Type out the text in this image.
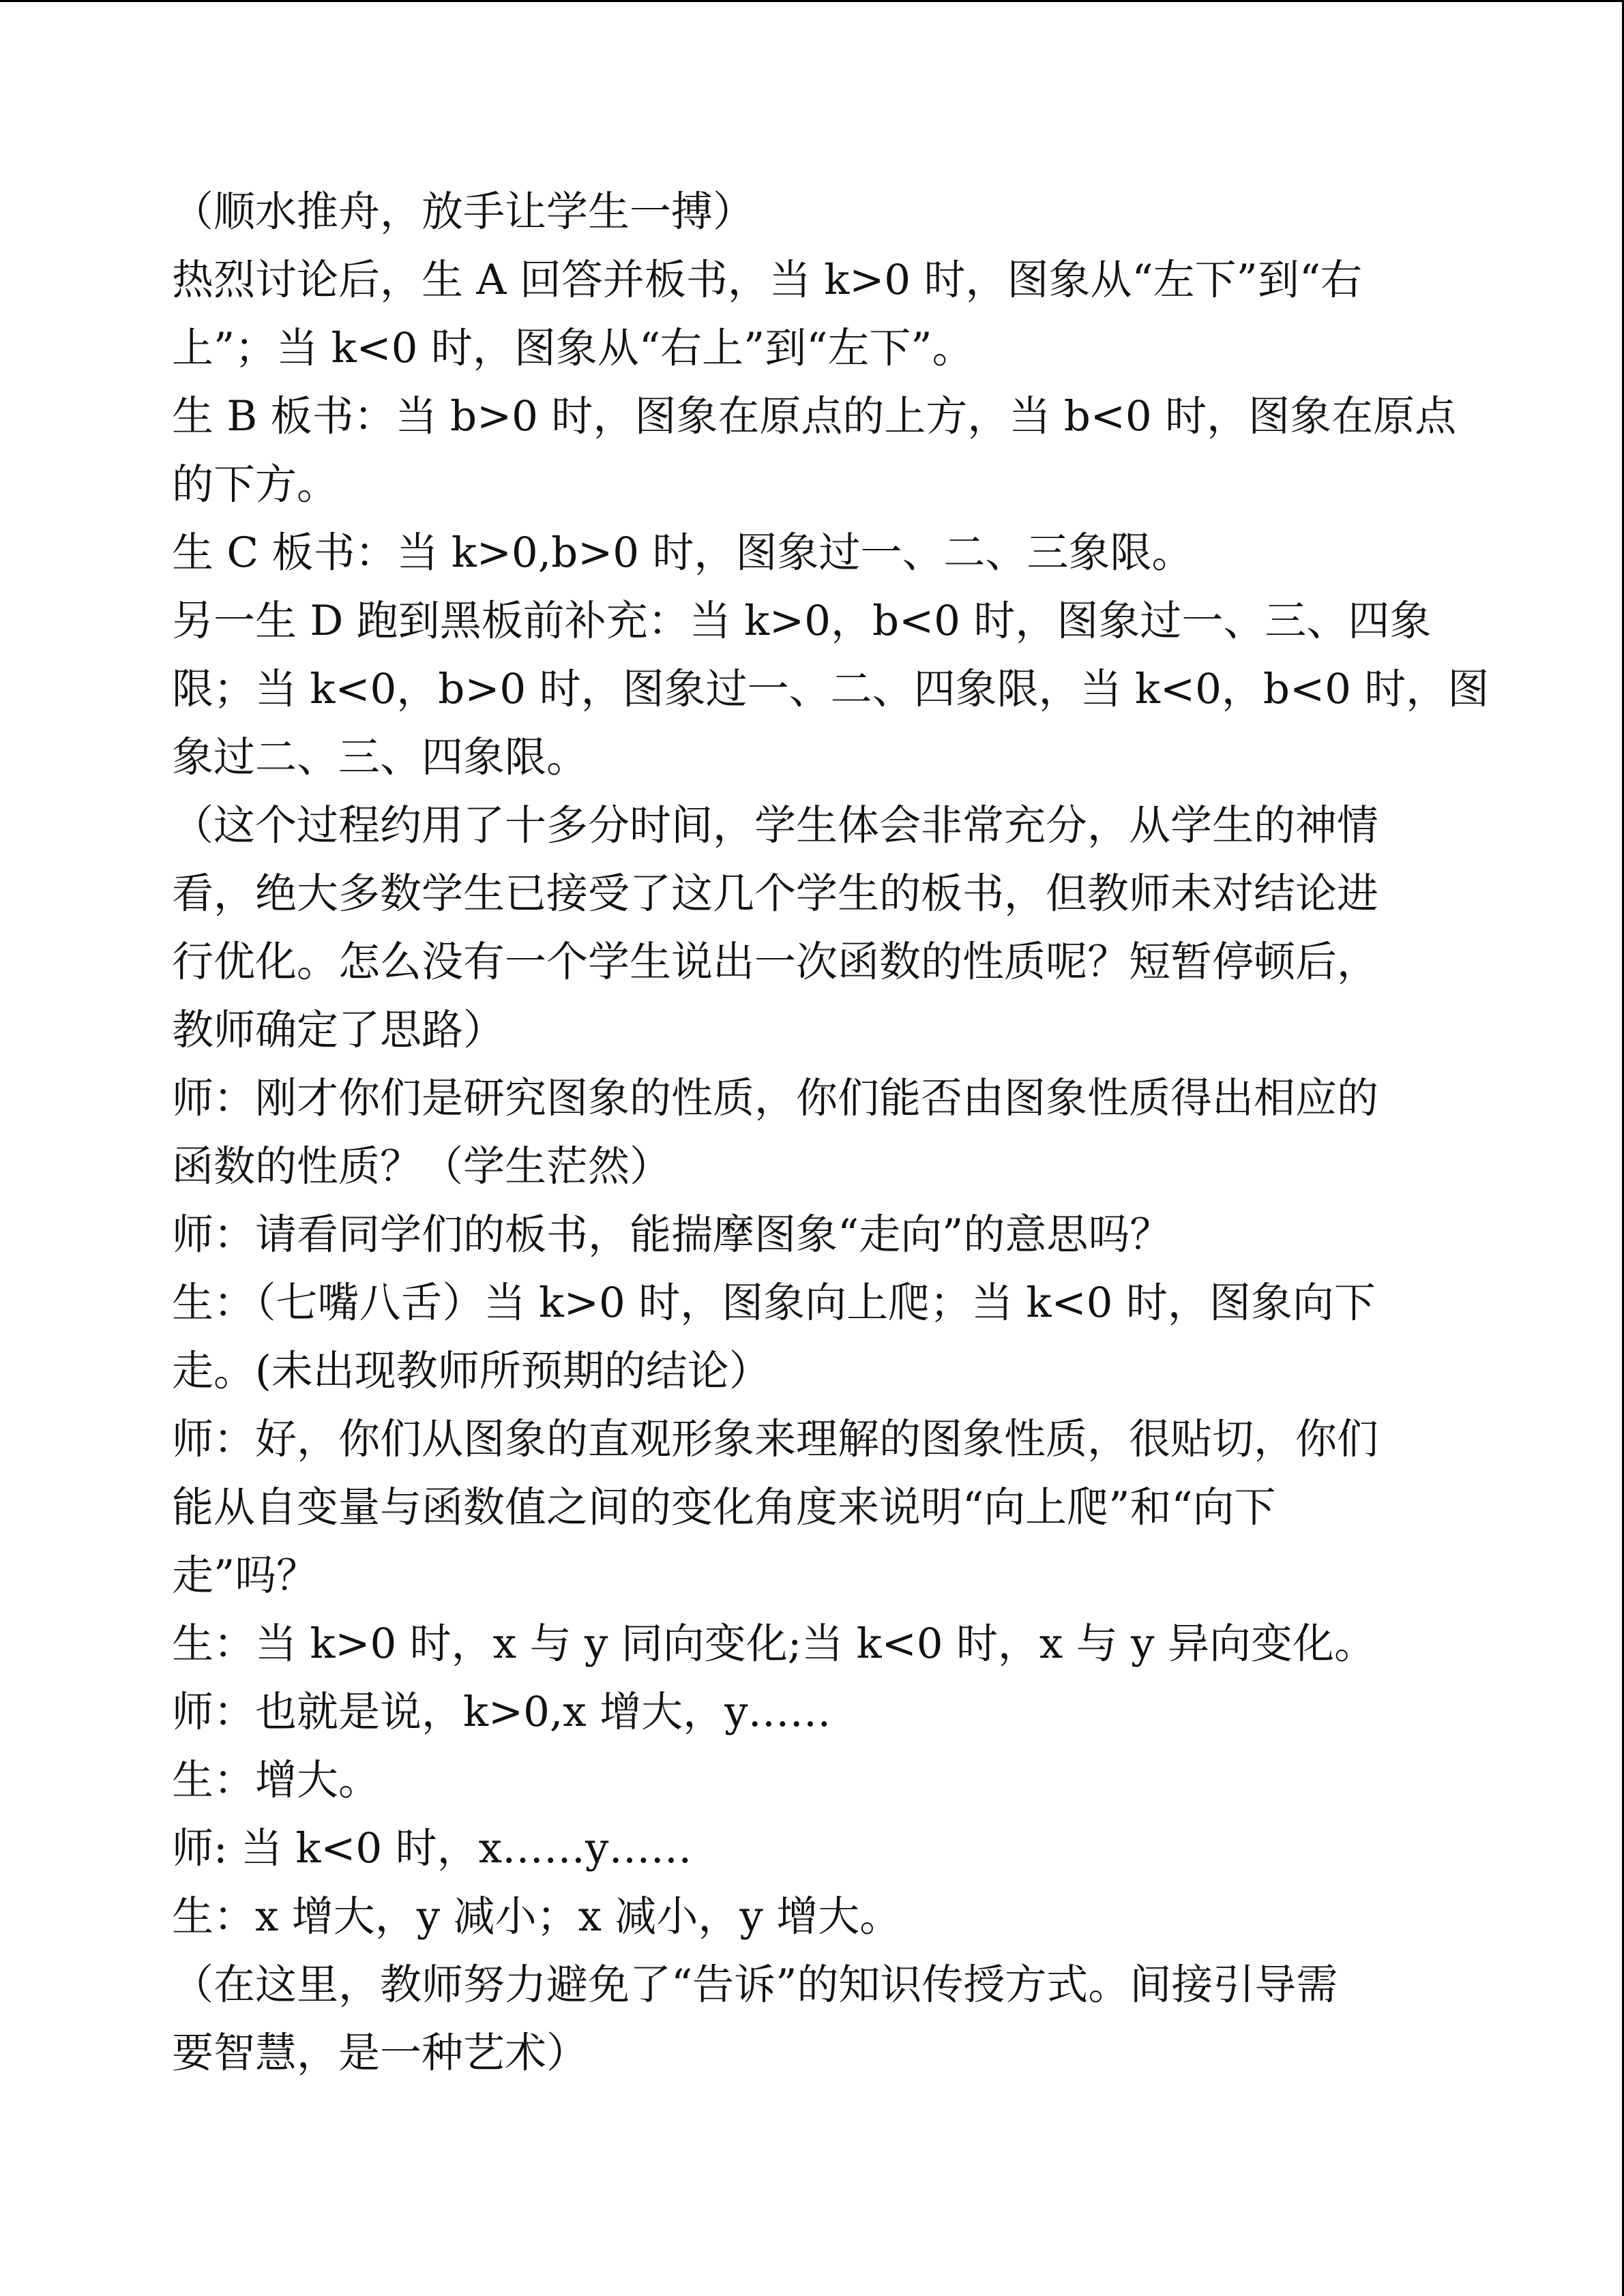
（顺水推舟，放手让学生一搏）
热烈讨论后，生 A 回答并板书，当 k>0 时，图象从“左下”到“右
上”；当 k<0 时，图象从“右上”到“左下”。
生 B 板书：当 b>0 时，图象在原点的上方，当 b<0 时，图象在原点
的下方。
生 C 板书：当 k>0,b>0 时，图象过一、二、三象限。
另一生 D 跑到黑板前补充：当 k>0，b<0 时，图象过一、三、四象
限；当 k<0，b>0 时，图象过一、二、四象限，当 k<0，b<0 时，图
象过二、三、四象限。
（这个过程约用了十多分时间，学生体会非常充分，从学生的神情
看，绝大多数学生已接受了这几个学生的板书，但教师未对结论进
行优化。怎么没有一个学生说出一次函数的性质呢？短暂停顿后，
教师确定了思路）
师：刚才你们是研究图象的性质，你们能否由图象性质得出相应的
函数的性质？（学生茫然）
师：请看同学们的板书，能揣摩图象“走向”的意思吗？
生：（七嘴八舌）当 k>0 时，图象向上爬；当 k<0 时，图象向下
走。(未出现教师所预期的结论）
师：好，你们从图象的直观形象来理解的图象性质，很贴切，你们
能从自变量与函数值之间的变化角度来说明“向上爬”和“向下
走”吗？
生：当 k>0 时，x 与 y 同向变化;当 k<0 时，x 与 y 异向变化。
师：也就是说，k>0,x 增大，y……
生：增大。
师: 当 k<0 时，x……y……
生：x 增大，y 减小；x 减小，y 增大。
（在这里，教师努力避免了“告诉”的知识传授方式。间接引导需
要智慧，是一种艺术）
